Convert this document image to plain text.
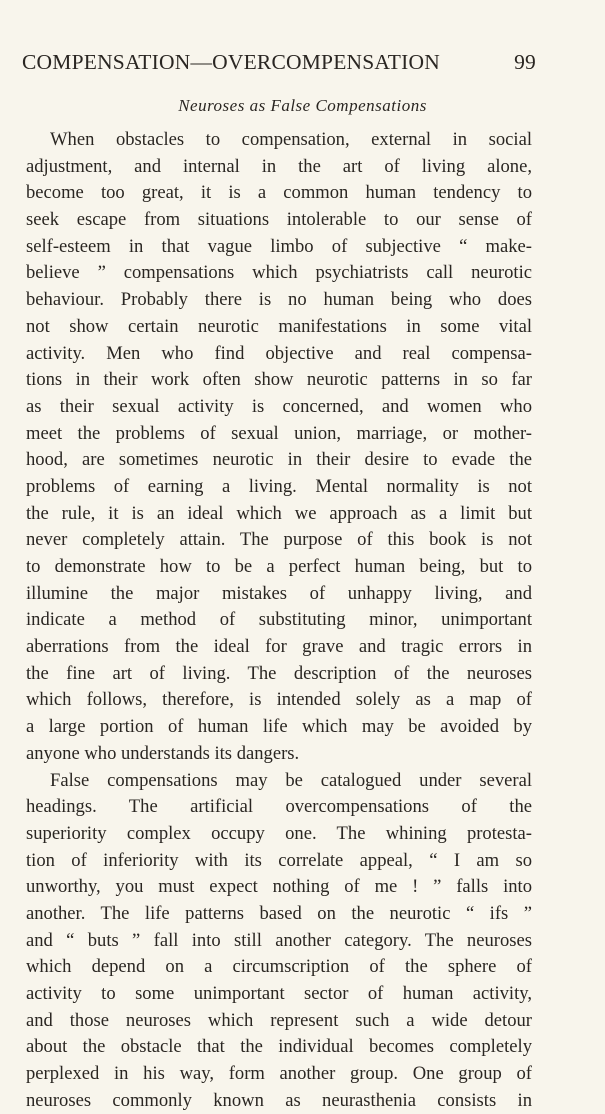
COMPENSATION—OVERCOMPENSATION	99
Neuroses as False Compensations
When obstacles to compensation, external in social
adjustment, and internal in the art of living alone,
become too great, it is a common human tendency to
seek escape from situations intolerable to our sense of
self-esteem in that vague limbo of subjective “ make-
believe ” compensations which psychiatrists call neurotic
behaviour. Probably there is no human being who does
not show certain neurotic manifestations in some vital
activity. Men who find objective and real compensa-
tions in their work often show neurotic patterns in so far
as their sexual activity is concerned, and women who
meet the problems of sexual union, marriage, or mother-
hood, are sometimes neurotic in their desire to evade the
problems of earning a living. Mental normality is not
the rule, it is an ideal which we approach as a limit but
never completely attain. The purpose of this book is not
to demonstrate how to be a perfect human being, but to
illumine the major mistakes of unhappy living, and
indicate a method of substituting minor, unimportant
aberrations from the ideal for grave and tragic errors in
the fine art of living. The description of the neuroses
which follows, therefore, is intended solely as a map of
a large portion of human life which may be avoided by
anyone who understands its dangers.
False compensations may be catalogued under several
headings. The artificial overcompensations of the
superiority complex occupy one. The whining protesta-
tion of inferiority with its correlate appeal, “ I am so
unworthy, you must expect nothing of me ! ” falls into
another. The life patterns based on the neurotic “ ifs ”
and “ buts ” fall into still another category. The neuroses
which depend on a circumscription of the sphere of
activity to some unimportant sector of human activity,
and those neuroses which represent such a wide detour
about the obstacle that the individual becomes completely
perplexed in his way, form another group. One group of
neuroses commonly known as neurasthenia consists in
